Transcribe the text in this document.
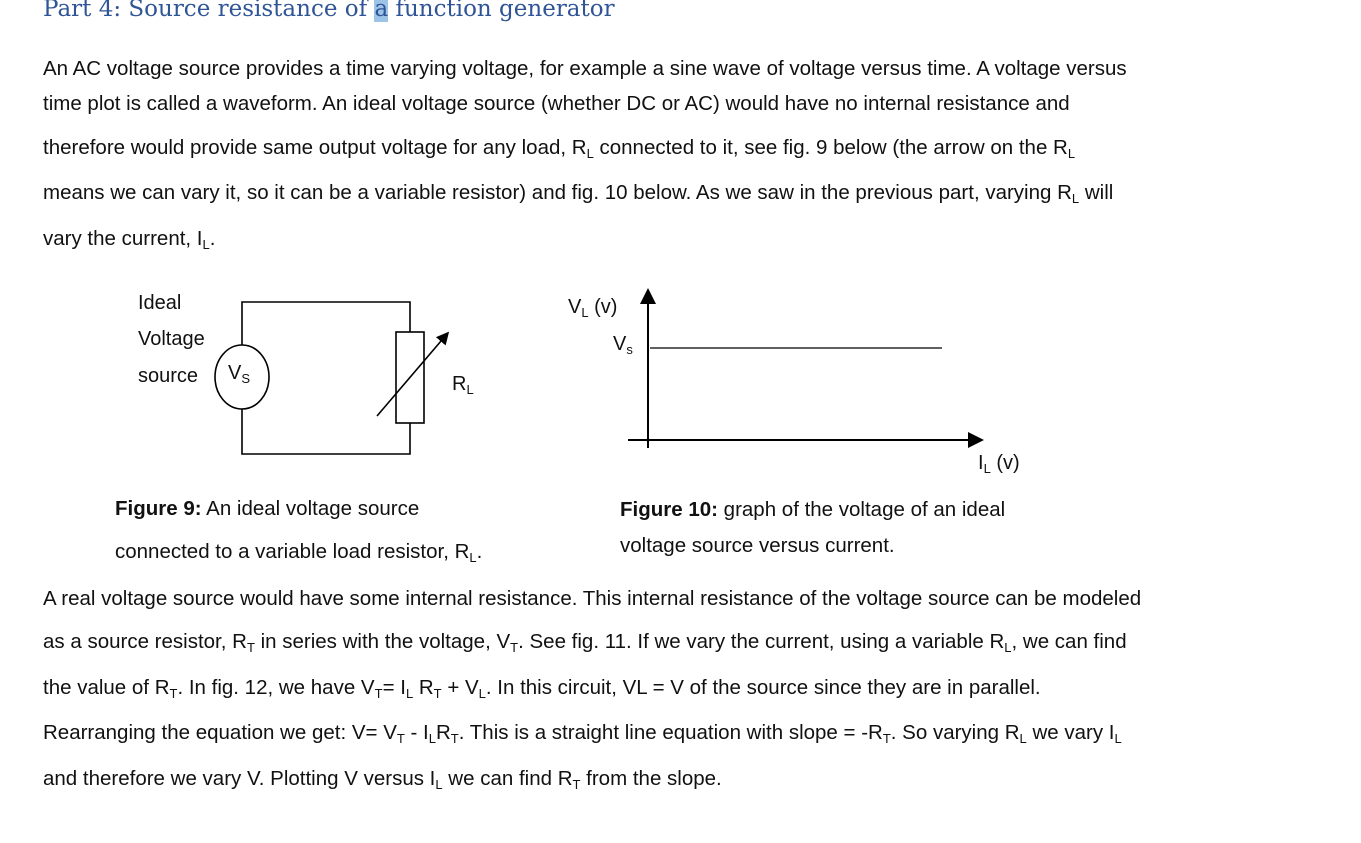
Part 4: Source resistance of a function generator
An AC voltage source provides a time varying voltage, for example a sine wave of voltage versus time. A voltage versus
time plot is called a waveform. An ideal voltage source (whether DC or AC) would have no internal resistance and
therefore would provide same output voltage for any load, $R_L$ connected to it, see fig. 9 below (the arrow on the $R_L$
means we can vary it, so it can be a variable resistor) and fig. 10 below. As we saw in the previous part, varying $R_L$ will
vary the current, $I_L$.
Ideal
Voltage
source $V_S$	$R_L$
$V_L$ (v)
$V_s$
$I_L$ (v)
Figure 9: An ideal voltage source
connected to a variable load resistor, $R_L$.
Figure 10: graph of the voltage of an ideal
voltage source versus current.
A real voltage source would have some internal resistance. This internal resistance of the voltage source can be modeled
as a source resistor, $R_T$ in series with the voltage, $V_T$. See fig. 11. If we vary the current, using a variable $R_L$, we can find
the value of $R_T$. In fig. 12, we have $V_T= I_L$ $R_T + V_L$. In this circuit, VL = V of the source since they are in parallel.
Rearranging the equation we get: $V= V_T - I_LR_T$. This is a straight line equation with slope = $-R_T$. So varying $R_L$ we vary $I_L$
and therefore we vary V. Plotting V versus $I_L$ we can find $R_T$ from the slope.
